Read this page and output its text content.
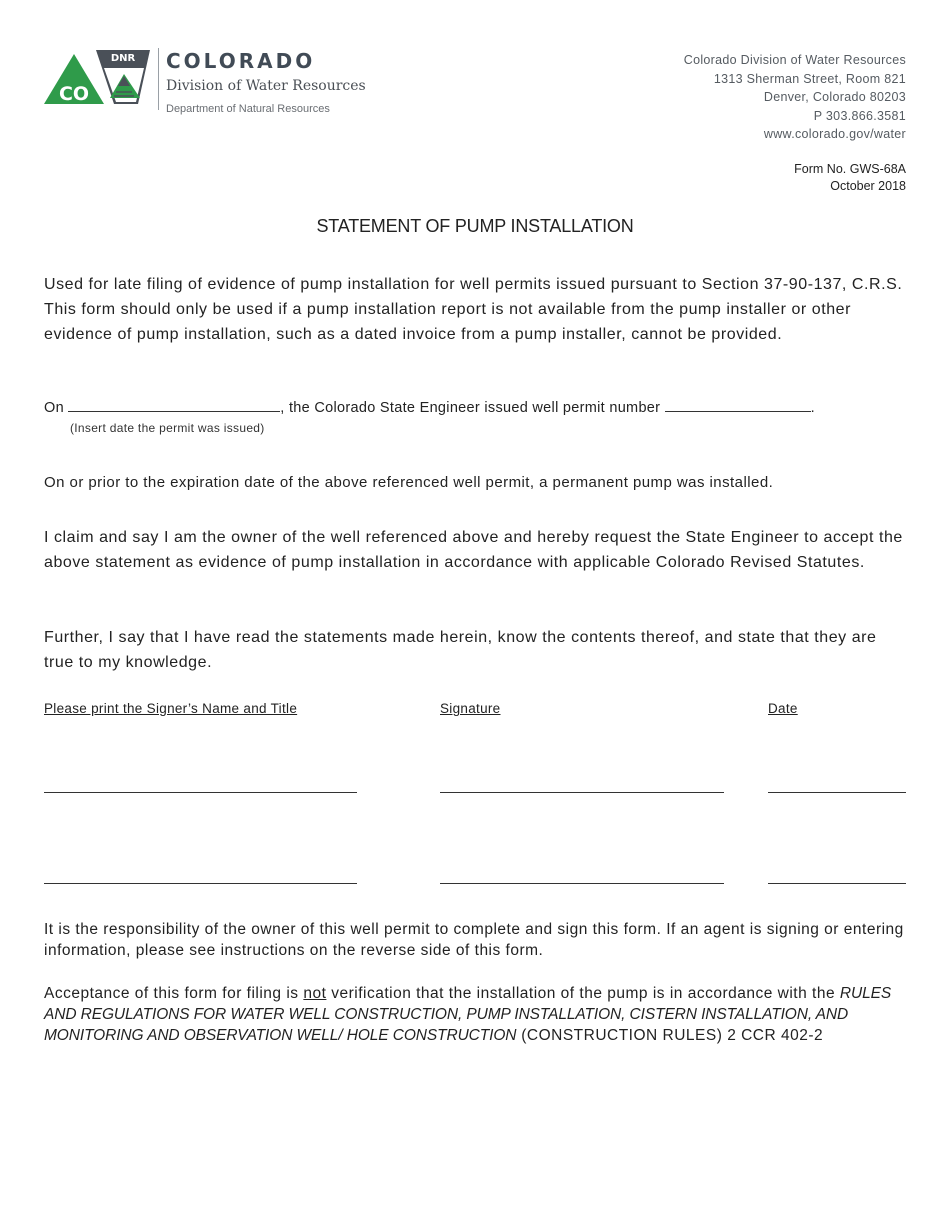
DNR
CO
COLORADO
Division of Water Resources
Department of Natural Resources
Colorado Division of Water Resources
1313 Sherman Street, Room 821
Denver, Colorado 80203
P 303.866.3581
www.colorado.gov/water
Form No. GWS-68A
October 2018
STATEMENT OF PUMP INSTALLATION

Used for late filing of evidence of pump installation for well permits issued pursuant to Section 37-90-137, C.R.S. This form should only be used if a pump installation report is not available from the pump installer or other evidence of pump installation, such as a dated invoice from a pump installer, cannot be provided.

On	, the Colorado State Engineer issued well permit number	.
(Insert date the permit was issued)

On or prior to the expiration date of the above referenced well permit, a permanent pump was installed.

I claim and say I am the owner of the well referenced above and hereby request the State Engineer to accept the above statement as evidence of pump installation in accordance with applicable Colorado Revised Statutes.

Further, I say that I have read the statements made herein, know the contents thereof, and state that they are true to my knowledge.

Please print the Signer’s Name and Title	Signature	Date

It is the responsibility of the owner of this well permit to complete and sign this form. If an agent is signing or entering information, please see instructions on the reverse side of this form.

Acceptance of this form for filing is not verification that the installation of the pump is in accordance with the RULES AND REGULATIONS FOR WATER WELL CONSTRUCTION, PUMP INSTALLATION, CISTERN INSTALLATION, AND MONITORING AND OBSERVATION WELL/ HOLE CONSTRUCTION (CONSTRUCTION RULES) 2 CCR 402-2
